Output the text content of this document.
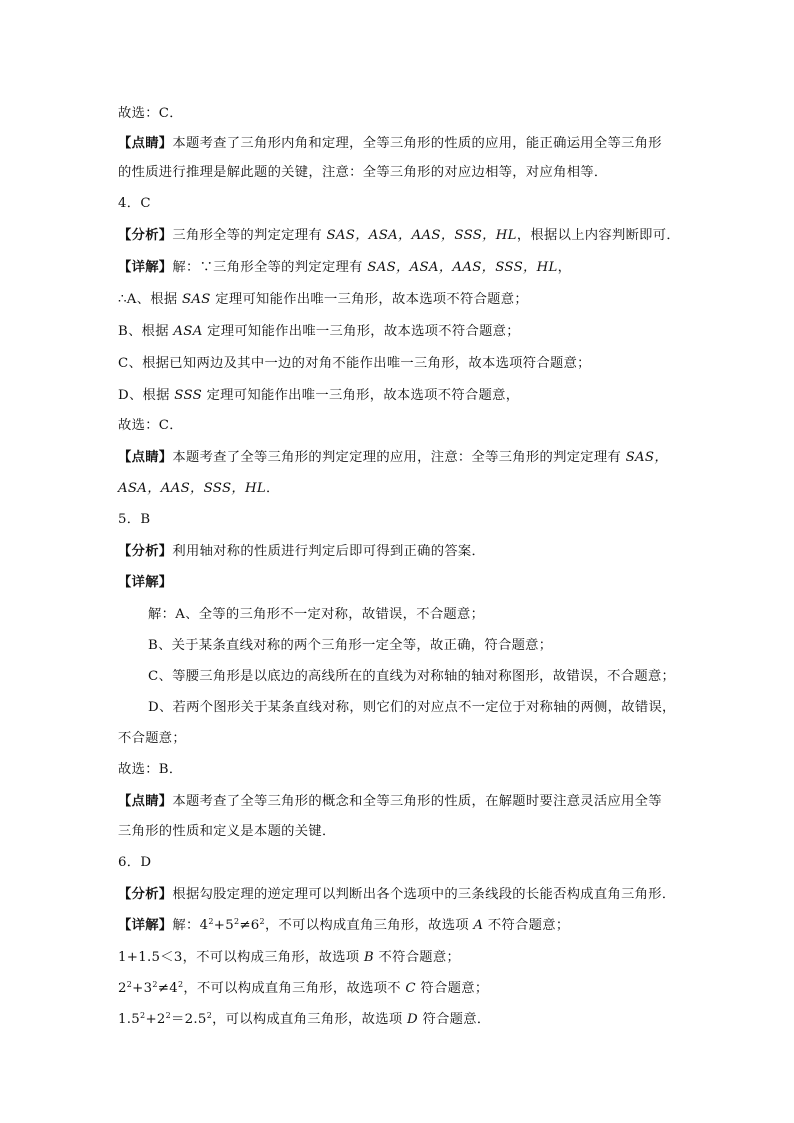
故选：C．
【点睛】本题考查了三角形内角和定理，全等三角形的性质的应用，能正确运用全等三角形
的性质进行推理是解此题的关键，注意：全等三角形的对应边相等，对应角相等．
4．C
【分析】三角形全等的判定定理有 SAS，ASA，AAS，SSS，HL，根据以上内容判断即可．
【详解】解：∵三角形全等的判定定理有 SAS，ASA，AAS，SSS，HL，
∴A、根据 SAS 定理可知能作出唯一三角形，故本选项不符合题意；
B、根据 ASA 定理可知能作出唯一三角形，故本选项不符合题意；
C、根据已知两边及其中一边的对角不能作出唯一三角形，故本选项符合题意；
D、根据 SSS 定理可知能作出唯一三角形，故本选项不符合题意，
故选：C．
【点睛】本题考查了全等三角形的判定定理的应用，注意：全等三角形的判定定理有 SAS，
ASA，AAS，SSS，HL．
5．B
【分析】利用轴对称的性质进行判定后即可得到正确的答案．
【详解】
解：A、全等的三角形不一定对称，故错误，不合题意；
B、关于某条直线对称的两个三角形一定全等，故正确，符合题意；
C、等腰三角形是以底边的高线所在的直线为对称轴的轴对称图形，故错误，不合题意；
D、若两个图形关于某条直线对称，则它们的对应点不一定位于对称轴的两侧，故错误，
不合题意；
故选：B．
【点睛】本题考查了全等三角形的概念和全等三角形的性质，在解题时要注意灵活应用全等
三角形的性质和定义是本题的关键．
6．D
【分析】根据勾股定理的逆定理可以判断出各个选项中的三条线段的长能否构成直角三角形．
【详解】解：$4^2+5^2\ne 6^2$，不可以构成直角三角形，故选项 A 不符合题意；
1+1.5＜3，不可以构成三角形，故选项 B 不符合题意；
$2^2+3^2\ne 4^2$，不可以构成直角三角形，故选项不 C 符合题意；
$1.5^2+2^2=2.5^2$，可以构成直角三角形，故选项 D 符合题意．
